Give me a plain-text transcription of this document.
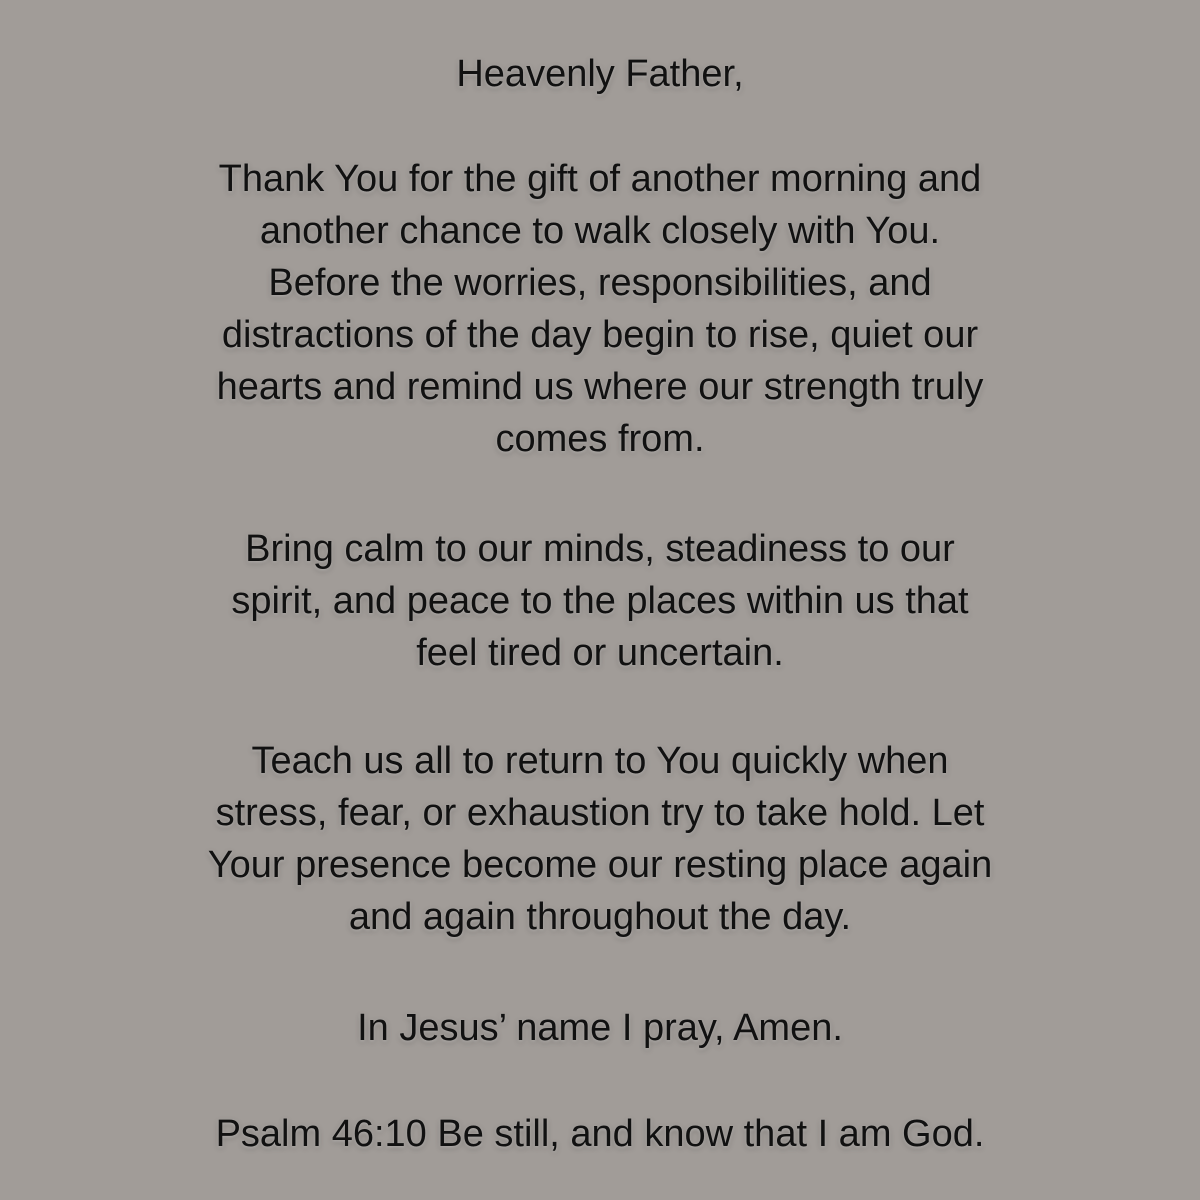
Heavenly Father,
Thank You for the gift of another morning and
another chance to walk closely with You.
Before the worries, responsibilities, and
distractions of the day begin to rise, quiet our
hearts and remind us where our strength truly
comes from.
Bring calm to our minds, steadiness to our
spirit, and peace to the places within us that
feel tired or uncertain.
Teach us all to return to You quickly when
stress, fear, or exhaustion try to take hold. Let
Your presence become our resting place again
and again throughout the day.
In Jesus’ name I pray, Amen.
Psalm 46:10 Be still, and know that I am God.
